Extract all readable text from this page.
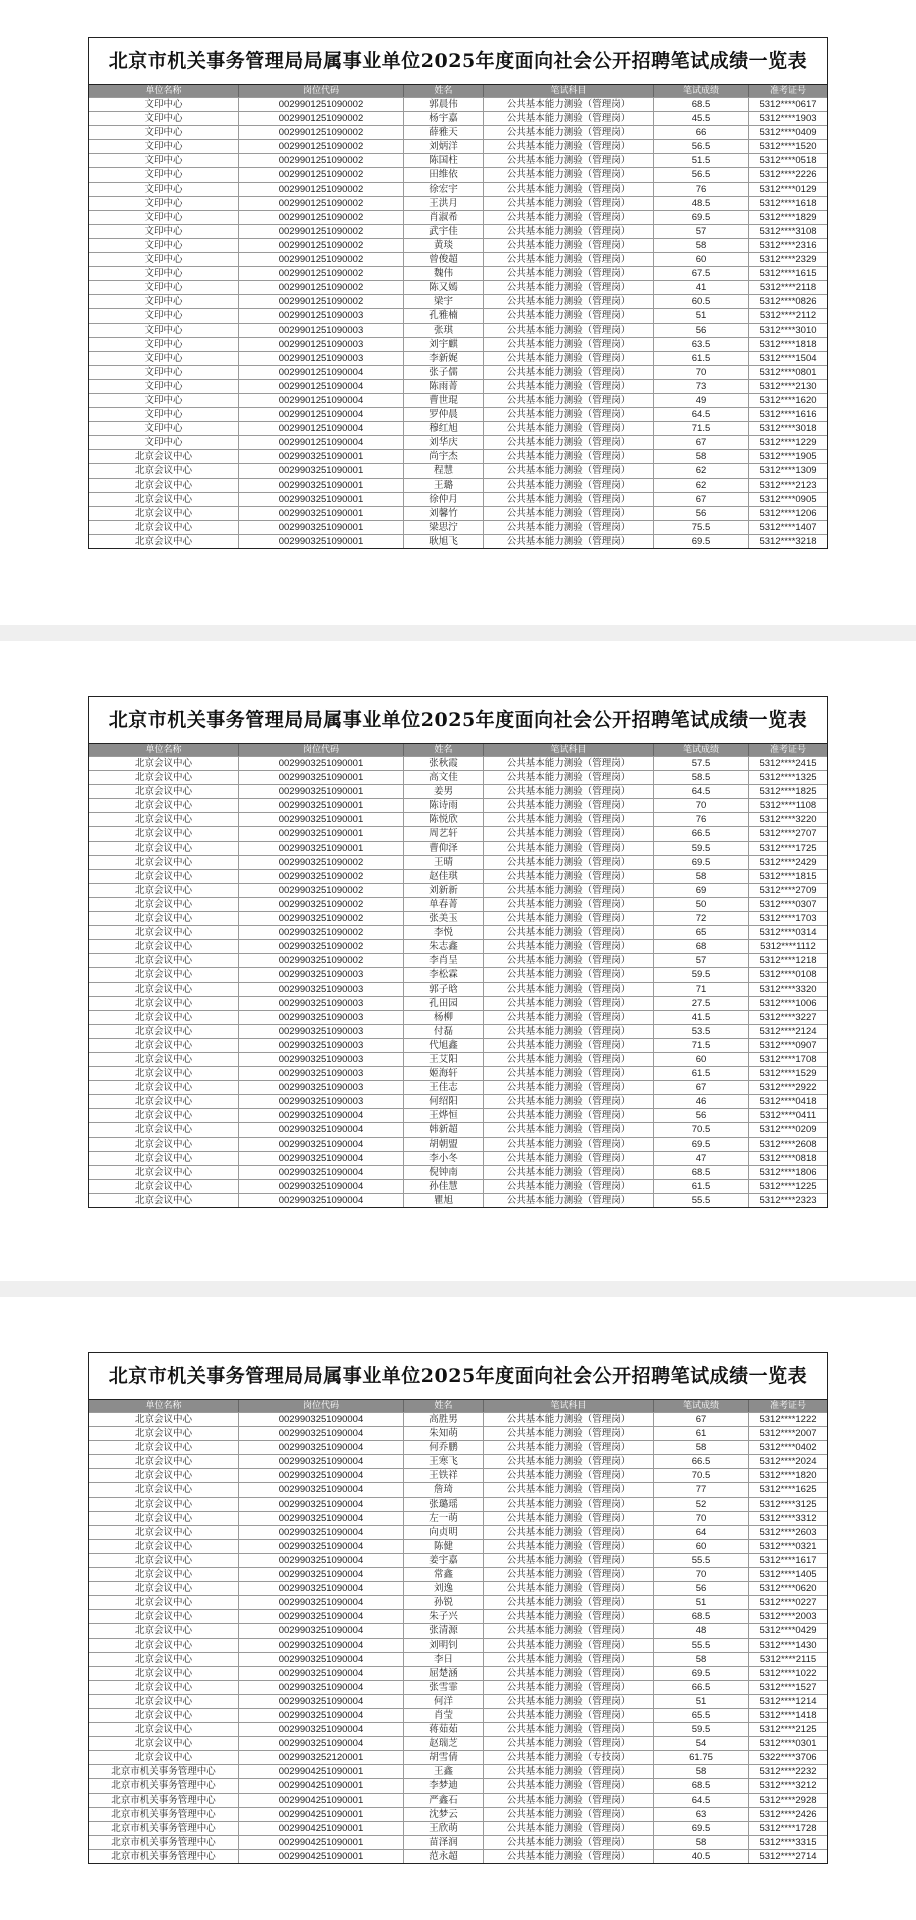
北京市机关事务管理局局属事业单位2025年度面向社会公开招聘笔试成绩一览表
单位名称	岗位代码	姓名	笔试科目	笔试成绩	准考证号
文印中心	002990125109000​2	郭晨伟	公共基本能力测验（管理岗）	68.5	5312****0617
文印中心	0029901251090002	杨宇嘉	公共基本能力测验（管理岗）	45.5	5312****1903
文印中心	0029901251090002	薛雅天	公共基本能力测验（管理岗）	66	5312****0409
文印中心	0029901251090002	刘炳洋	公共基本能力测验（管理岗）	56.5	5312****1520
文印中心	0029901251090002	陈国柱	公共基本能力测验（管理岗）	51.5	5312****0518
文印中心	0029901251090002	田维依	公共基本能力测验（管理岗）	56.5	5312****2226
文印中心	0029901251090002	徐宏宇	公共基本能力测验（管理岗）	76	5312****0129
文印中心	0029901251090002	王洪月	公共基本能力测验（管理岗）	48.5	5312****1618
文印中心	0029901251090002	肖淑希	公共基本能力测验（管理岗）	69.5	5312****1829
文印中心	0029901251090002	武宇佳	公共基本能力测验（管理岗）	57	5312****3108
文印中心	0029901251090002	黄琰	公共基本能力测验（管理岗）	58	5312****2316
文印中心	0029901251090002	曾俊超	公共基本能力测验（管理岗）	60	5312****2329
文印中心	0029901251090002	魏伟	公共基本能力测验（管理岗）	67.5	5312****1615
文印中心	0029901251090002	陈又嫣	公共基本能力测验（管理岗）	41	5312****2118
文印中心	0029901251090002	梁宇	公共基本能力测验（管理岗）	60.5	5312****0826
文印中心	0029901251090003	孔雅楠	公共基本能力测验（管理岗）	51	5312****2112
文印中心	0029901251090003	张琪	公共基本能力测验（管理岗）	56	5312****3010
文印中心	0029901251090003	刘宇麒	公共基本能力测验（管理岗）	63.5	5312****1818
文印中心	0029901251090003	李新娓	公共基本能力测验（管理岗）	61.5	5312****1504
文印中心	0029901251090004	张子儒	公共基本能力测验（管理岗）	70	5312****0801
文印中心	0029901251090004	陈雨菁	公共基本能力测验（管理岗）	73	5312****2130
文印中心	0029901251090004	曹世琨	公共基本能力测验（管理岗）	49	5312****1620
文印中心	0029901251090004	罗仲晨	公共基本能力测验（管理岗）	64.5	5312****1616
文印中心	0029901251090004	穆红旭	公共基本能力测验（管理岗）	71.5	5312****3018
文印中心	0029901251090004	刘华庆	公共基本能力测验（管理岗）	67	5312****1229
北京会议中心	0029903251090001	尚宇杰	公共基本能力测验（管理岗）	58	5312****1905
北京会议中心	0029903251090001	程慧	公共基本能力测验（管理岗）	62	5312****1309
北京会议中心	0029903251090001	王璐	公共基本能力测验（管理岗）	62	5312****2123
北京会议中心	0029903251090001	徐仲月	公共基本能力测验（管理岗）	67	5312****0905
北京会议中心	0029903251090001	刘馨竹	公共基本能力测验（管理岗）	56	5312****1206
北京会议中心	0029903251090001	梁思泞	公共基本能力测验（管理岗）	75.5	5312****1407
北京会议中心	0029903251090001	耿旭飞	公共基本能力测验（管理岗）	69.5	5312****3218
北京市机关事务管理局局属事业单位2025年度面向社会公开招聘笔试成绩一览表
单位名称	岗位代码	姓名	笔试科目	笔试成绩	准考证号
北京会议中心	0029903251090001	张秋霞	公共基本能力测验（管理岗）	57.5	5312****2415
北京会议中心	0029903251090001	高文佳	公共基本能力测验（管理岗）	58.5	5312****1325
北京会议中心	0029903251090001	姜男	公共基本能力测验（管理岗）	64.5	5312****1825
北京会议中心	0029903251090001	陈诗雨	公共基本能力测验（管理岗）	70	5312****1108
北京会议中心	0029903251090001	陈悦欣	公共基本能力测验（管理岗）	76	5312****3220
北京会议中心	0029903251090001	周艺轩	公共基本能力测验（管理岗）	66.5	5312****2707
北京会议中心	0029903251090001	曹仰泽	公共基本能力测验（管理岗）	59.5	5312****1725
北京会议中心	0029903251090002	王晴	公共基本能力测验（管理岗）	69.5	5312****2429
北京会议中心	0029903251090002	赵佳琪	公共基本能力测验（管理岗）	58	5312****1815
北京会议中心	0029903251090002	刘新新	公共基本能力测验（管理岗）	69	5312****2709
北京会议中心	0029903251090002	单春菁	公共基本能力测验（管理岗）	50	5312****0307
北京会议中心	0029903251090002	张美玉	公共基本能力测验（管理岗）	72	5312****1703
北京会议中心	0029903251090002	李悦	公共基本能力测验（管理岗）	65	5312****0314
北京会议中心	0029903251090002	朱志鑫	公共基本能力测验（管理岗）	68	5312****1112
北京会议中心	0029903251090002	李肖呈	公共基本能力测验（管理岗）	57	5312****1218
北京会议中心	0029903251090003	李松霖	公共基本能力测验（管理岗）	59.5	5312****0108
北京会议中心	0029903251090003	郭子晗	公共基本能力测验（管理岗）	71	5312****3320
北京会议中心	0029903251090003	孔田园	公共基本能力测验（管理岗）	27.5	5312****1006
北京会议中心	0029903251090003	杨柳	公共基本能力测验（管理岗）	41.5	5312****3227
北京会议中心	0029903251090003	付磊	公共基本能力测验（管理岗）	53.5	5312****2124
北京会议中心	0029903251090003	代旭鑫	公共基本能力测验（管理岗）	71.5	5312****0907
北京会议中心	0029903251090003	王艾阳	公共基本能力测验（管理岗）	60	5312****1708
北京会议中心	0029903251090003	姬海轩	公共基本能力测验（管理岗）	61.5	5312****1529
北京会议中心	0029903251090003	王佳志	公共基本能力测验（管理岗）	67	5312****2922
北京会议中心	0029903251090003	何绍阳	公共基本能力测验（管理岗）	46	5312****0418
北京会议中心	0029903251090004	王烨恒	公共基本能力测验（管理岗）	56	5312****0411
北京会议中心	0029903251090004	韩新超	公共基本能力测验（管理岗）	70.5	5312****0209
北京会议中心	0029903251090004	胡朝盟	公共基本能力测验（管理岗）	69.5	5312****2608
北京会议中心	0029903251090004	李小冬	公共基本能力测验（管理岗）	47	5312****0818
北京会议中心	0029903251090004	倪钟南	公共基本能力测验（管理岗）	68.5	5312****1806
北京会议中心	0029903251090004	孙佳慧	公共基本能力测验（管理岗）	61.5	5312****1225
北京会议中心	0029903251090004	瞿旭	公共基本能力测验（管理岗）	55.5	5312****2323
北京市机关事务管理局局属事业单位2025年度面向社会公开招聘笔试成绩一览表
单位名称	岗位代码	姓名	笔试科目	笔试成绩	准考证号
北京会议中心	0029903251090004	高胜男	公共基本能力测验（管理岗）	67	5312****1222
北京会议中心	0029903251090004	朱知萌	公共基本能力测验（管理岗）	61	5312****2007
北京会议中心	0029903251090004	何乔鹏	公共基本能力测验（管理岗）	58	5312****0402
北京会议中心	0029903251090004	王寒飞	公共基本能力测验（管理岗）	66.5	5312****2024
北京会议中心	0029903251090004	王铁祥	公共基本能力测验（管理岗）	70.5	5312****1820
北京会议中心	0029903251090004	詹琦	公共基本能力测验（管理岗）	77	5312****1625
北京会议中心	0029903251090004	张璐瑶	公共基本能力测验（管理岗）	52	5312****3125
北京会议中心	0029903251090004	左一萌	公共基本能力测验（管理岗）	70	5312****3312
北京会议中心	0029903251090004	向贞明	公共基本能力测验（管理岗）	64	5312****2603
北京会议中心	0029903251090004	陈健	公共基本能力测验（管理岗）	60	5312****0321
北京会议中心	0029903251090004	姜宇嘉	公共基本能力测验（管理岗）	55.5	5312****1617
北京会议中心	0029903251090004	常鑫	公共基本能力测验（管理岗）	70	5312****1405
北京会议中心	0029903251090004	刘逸	公共基本能力测验（管理岗）	56	5312****0620
北京会议中心	0029903251090004	孙锐	公共基本能力测验（管理岗）	51	5312****0227
北京会议中心	0029903251090004	朱子兴	公共基本能力测验（管理岗）	68.5	5312****2003
北京会议中心	0029903251090004	张清源	公共基本能力测验（管理岗）	48	5312****0429
北京会议中心	0029903251090004	刘明钊	公共基本能力测验（管理岗）	55.5	5312****1430
北京会议中心	0029903251090004	李日	公共基本能力测验（管理岗）	58	5312****2115
北京会议中心	0029903251090004	屈楚涵	公共基本能力测验（管理岗）	69.5	5312****1022
北京会议中心	0029903251090004	张雪霏	公共基本能力测验（管理岗）	66.5	5312****1527
北京会议中心	0029903251090004	何洋	公共基本能力测验（管理岗）	51	5312****1214
北京会议中心	0029903251090004	肖莹	公共基本能力测验（管理岗）	65.5	5312****1418
北京会议中心	0029903251090004	蒋茹茹	公共基本能力测验（管理岗）	59.5	5312****2125
北京会议中心	0029903251090004	赵瑞芝	公共基本能力测验（管理岗）	54	5312****0301
北京会议中心	0029903252120001	胡雪倩	公共基本能力测验（专技岗）	61.75	5322****3706
北京市机关事务管理中心	0029904251090001	王鑫	公共基本能力测验（管理岗）	58	5312****2232
北京市机关事务管理中心	0029904251090001	李梦迪	公共基本能力测验（管理岗）	68.5	5312****3212
北京市机关事务管理中心	0029904251090001	严鑫石	公共基本能力测验（管理岗）	64.5	5312****2928
北京市机关事务管理中心	0029904251090001	沈梦云	公共基本能力测验（管理岗）	63	5312****2426
北京市机关事务管理中心	0029904251090001	王欣萌	公共基本能力测验（管理岗）	69.5	5312****1728
北京市机关事务管理中心	0029904251090001	苗泽润	公共基本能力测验（管理岗）	58	5312****3315
北京市机关事务管理中心	0029904251090001	范永超	公共基本能力测验（管理岗）	40.5	5312****2714
